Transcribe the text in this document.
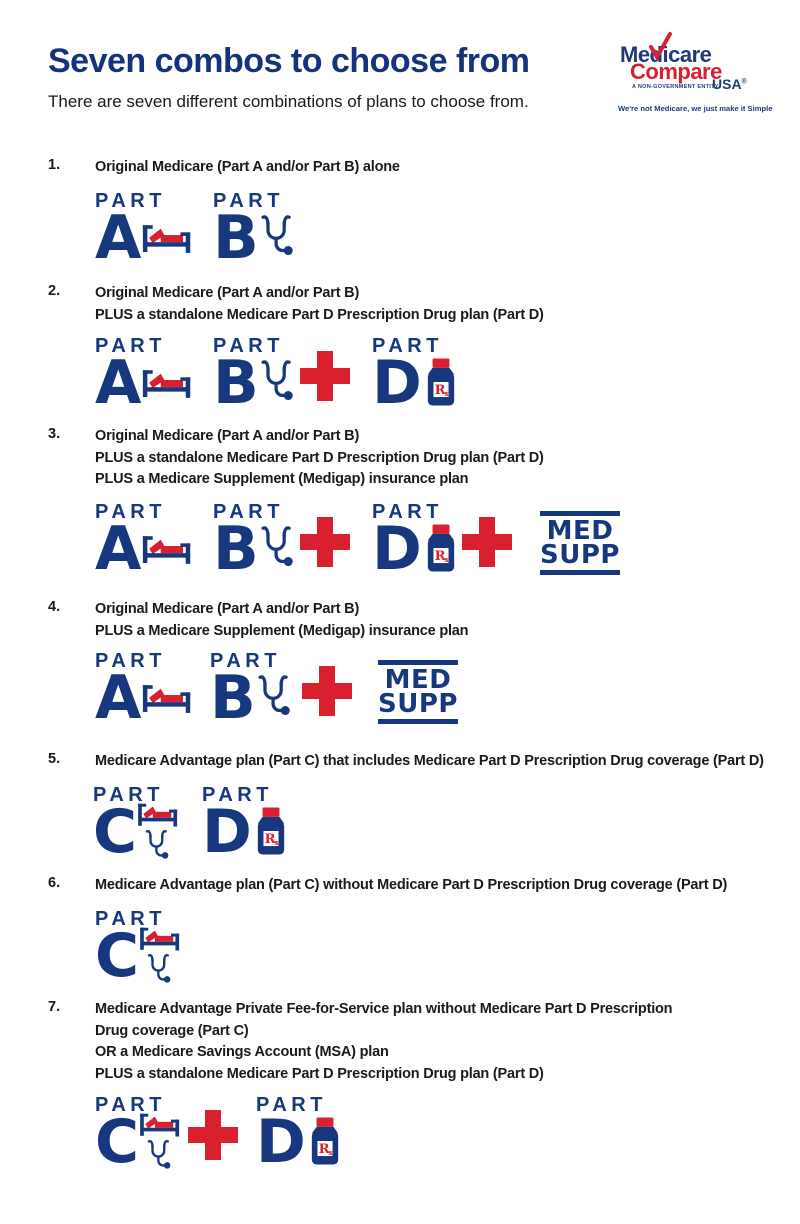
Seven combos to choose from
There are seven different combinations of plans to choose from.
Medicare
Compare
A NON-GOVERNMENT ENTITY
USA®
We're not Medicare, we just make it Simple
1. Original Medicare (Part A and/or Part B) alone
PART
A
PART
B
2. Original Medicare (Part A and/or Part B)
PLUS a standalone Medicare Part D Prescription Drug plan (Part D)
PART
A
PART
B
PART
D
3. Original Medicare (Part A and/or Part B)
PLUS a standalone Medicare Part D Prescription Drug plan (Part D)
PLUS a Medicare Supplement (Medigap) insurance plan
PART
A
PART
B
PART
D	MED
SUPP
4. Original Medicare (Part A and/or Part B)
PLUS a Medicare Supplement (Medigap) insurance plan
PART
A
PART
B	MED
SUPP
5. Medicare Advantage plan (Part C) that includes Medicare Part D Prescription Drug coverage (Part D)
PART
C
PART
D
6. Medicare Advantage plan (Part C) without Medicare Part D Prescription Drug coverage (Part D)
PART
C
7. Medicare Advantage Private Fee-for-Service plan without Medicare Part D Prescription
Drug coverage (Part C)
OR a Medicare Savings Account (MSA) plan
PLUS a standalone Medicare Part D Prescription Drug plan (Part D)
PART
C
PART
D
